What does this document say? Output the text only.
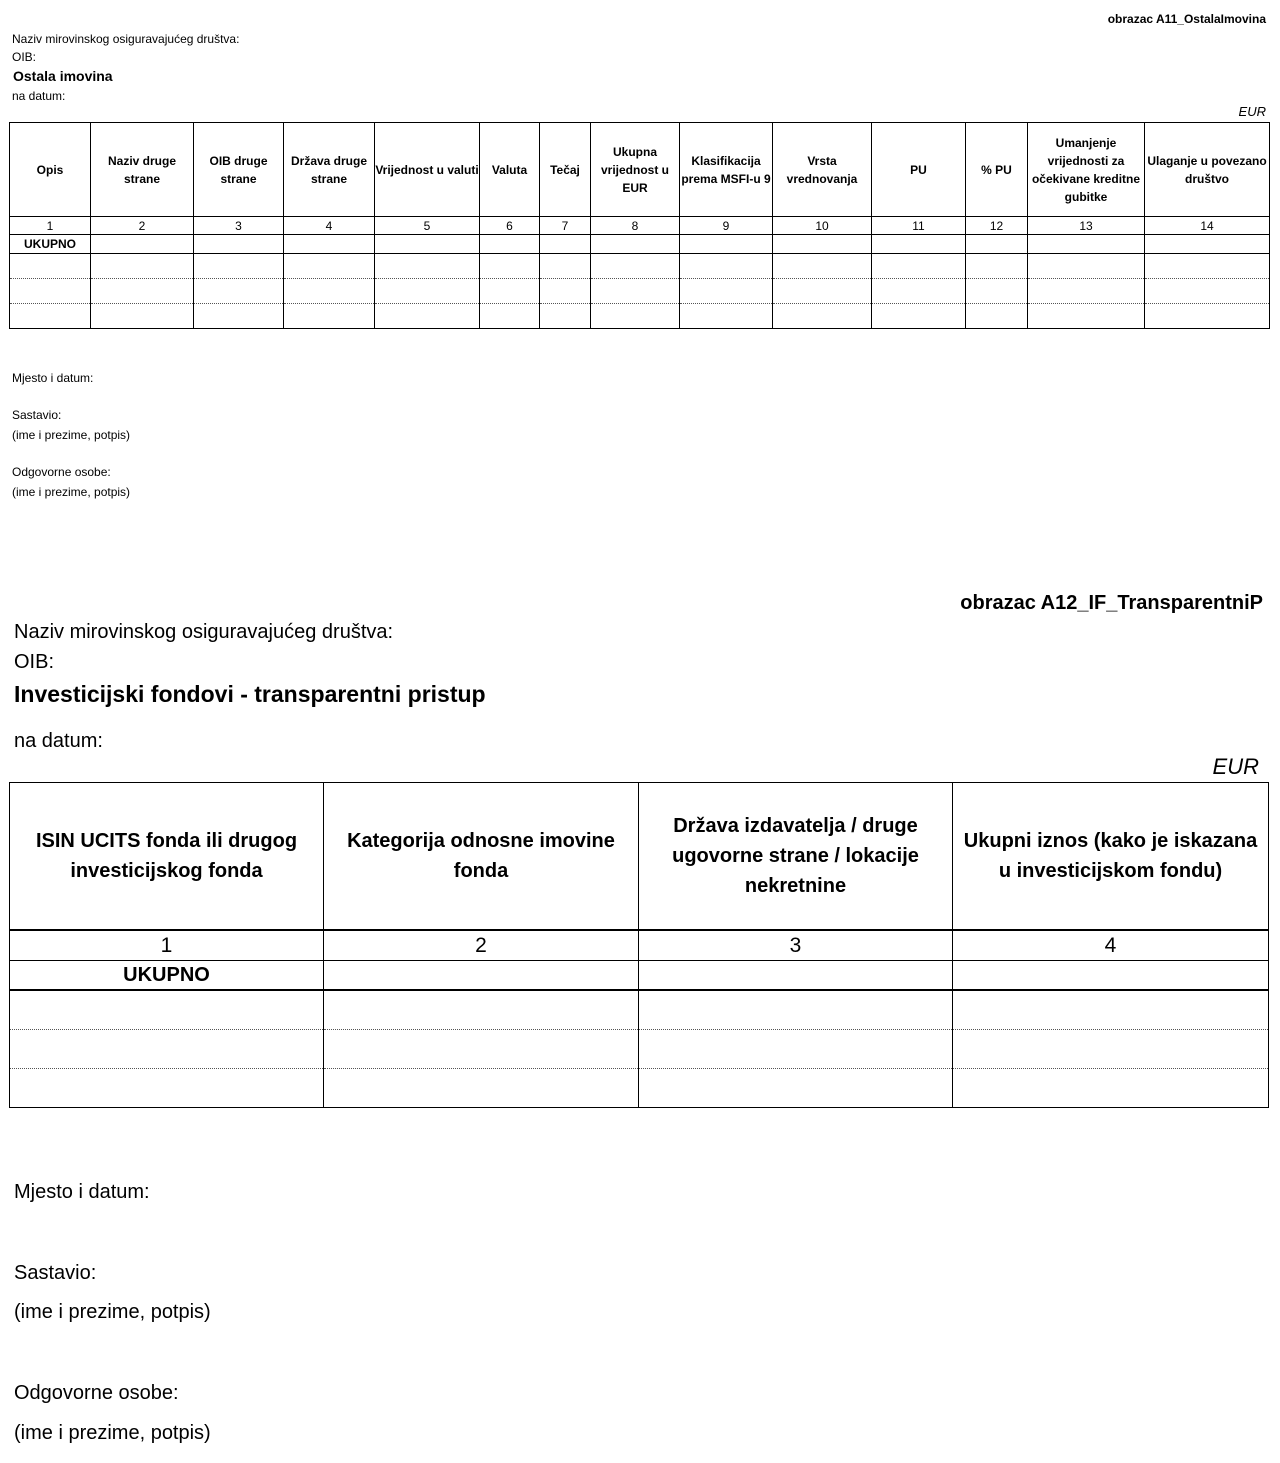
obrazac A11_OstalaImovina
Naziv mirovinskog osiguravajućeg društva:
OIB:
Ostala imovina
na datum:
EUR
Opis	Naziv druge strane	OIB druge strane	Država druge strane	Vrijednost u valuti	Valuta	Tečaj	Ukupna vrijednost u EUR	Klasifikacija prema MSFI-u 9	Vrsta vrednovanja	PU	% PU	Umanjenje vrijednosti za očekivane kreditne gubitke	Ulaganje u povezano društvo
1	2	3	4	5	6	7	8	9	10	11	12	13	14
UKUPNO													

Mjesto i datum:
Sastavio:
(ime i prezime, potpis)
Odgovorne osobe:
(ime i prezime, potpis)
obrazac A12_IF_TransparentniP
Naziv mirovinskog osiguravajućeg društva:
OIB:
Investicijski fondovi - transparentni pristup
na datum:
EUR
ISIN UCITS fonda ili drugog investicijskog fonda	Kategorija odnosne imovine fonda	Država izdavatelja / druge ugovorne strane / lokacije nekretnine	Ukupni iznos (kako je iskazana u investicijskom fondu)
1	2	3	4
UKUPNO			

Mjesto i datum:
Sastavio:
(ime i prezime, potpis)
Odgovorne osobe:
(ime i prezime, potpis)
